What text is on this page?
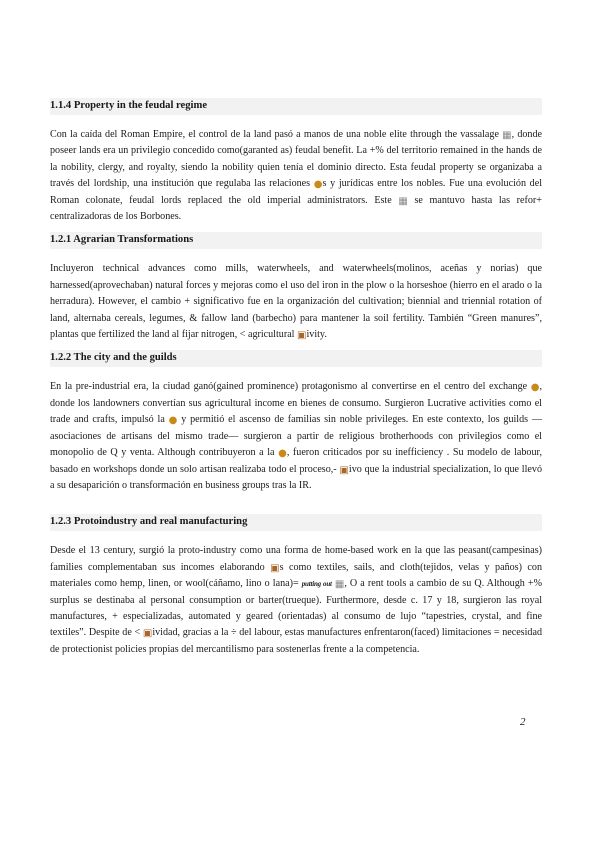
1.1.4 Property in the feudal regime

Con la caída del Roman Empire, el control de la land pasó a manos de una noble elite through the vassalage ▦, donde poseer lands era un privilegio concedido como(garanted as) feudal benefit. La +% del territorio remained in the hands de la nobility, clergy, and royalty, siendo la nobility quien tenía el dominio directo. Esta feudal property se organizaba a través del lordship, una institución que regulaba las relaciones ●s y jurídicas entre los nobles. Fue una evolución del Roman colonate, feudal lords replaced the old imperial administrators. Este ▦ se mantuvo hasta las refor+ centralizadoras de los Borbones.

1.2.1 Agrarian Transformations

Incluyeron technical advances como mills, waterwheels, and waterwheels(molinos, aceñas y norias) que harnessed(aprovechaban) natural forces y mejoras como el uso del iron in the plow o la horseshoe (hierro en el arado o la herradura). However, el cambio + significativo fue en la organización del cultivation; biennial and triennial rotation of land, alternaba cereals, legumes, & fallow land (barbecho) para mantener la soil fertility. También “Green manures”, plantas que fertilized the land al fijar nitrogen, < agricultural ▣ivity.

1.2.2 The city and the guilds

En la pre-industrial era, la ciudad ganó(gained prominence) protagonismo al convertirse en el centro del exchange ●, donde los landowners convertían sus agricultural income en bienes de consumo. Surgieron Lucrative activities como el trade and crafts, impulsó la ● y permitió el ascenso de familias sin noble privileges. En este contexto, los guilds —asociaciones de artisans del mismo trade— surgieron a partir de religious brotherhoods con privilegios como el monopolio de Q y venta. Although contribuyeron a la ●, fueron criticados por su inefficiency . Su modelo de labour, basado en workshops donde un solo artisan realizaba todo el proceso,- ▣ivo que la industrial specialization, lo que llevó a su desaparición o transformación en business groups tras la IR.

1.2.3 Protoindustry and real manufacturing

Desde el 13 century, surgió la proto-industry como una forma de home-based work en la que las peasant(campesinas) families complementaban sus incomes elaborando ▣s como textiles, sails, and cloth(tejidos, velas y paños) con materiales como hemp, linen, or wool(cáñamo, lino o lana)= putting out ▦, O a rent tools a cambio de su Q. Although +% surplus se destinaba al personal consumption or barter(trueque). Furthermore, desde c. 17 y 18, surgieron las royal manufactures, + especializadas, automated y geared (orientadas) al consumo de lujo “tapestries, crystal, and fine textiles”. Despite de < ▣ividad, gracias a la ÷ del labour, estas manufactures enfrentaron(faced) limitaciones = necesidad de protectionist policies propias del mercantilismo para sostenerlas frente a la competencia.

2
